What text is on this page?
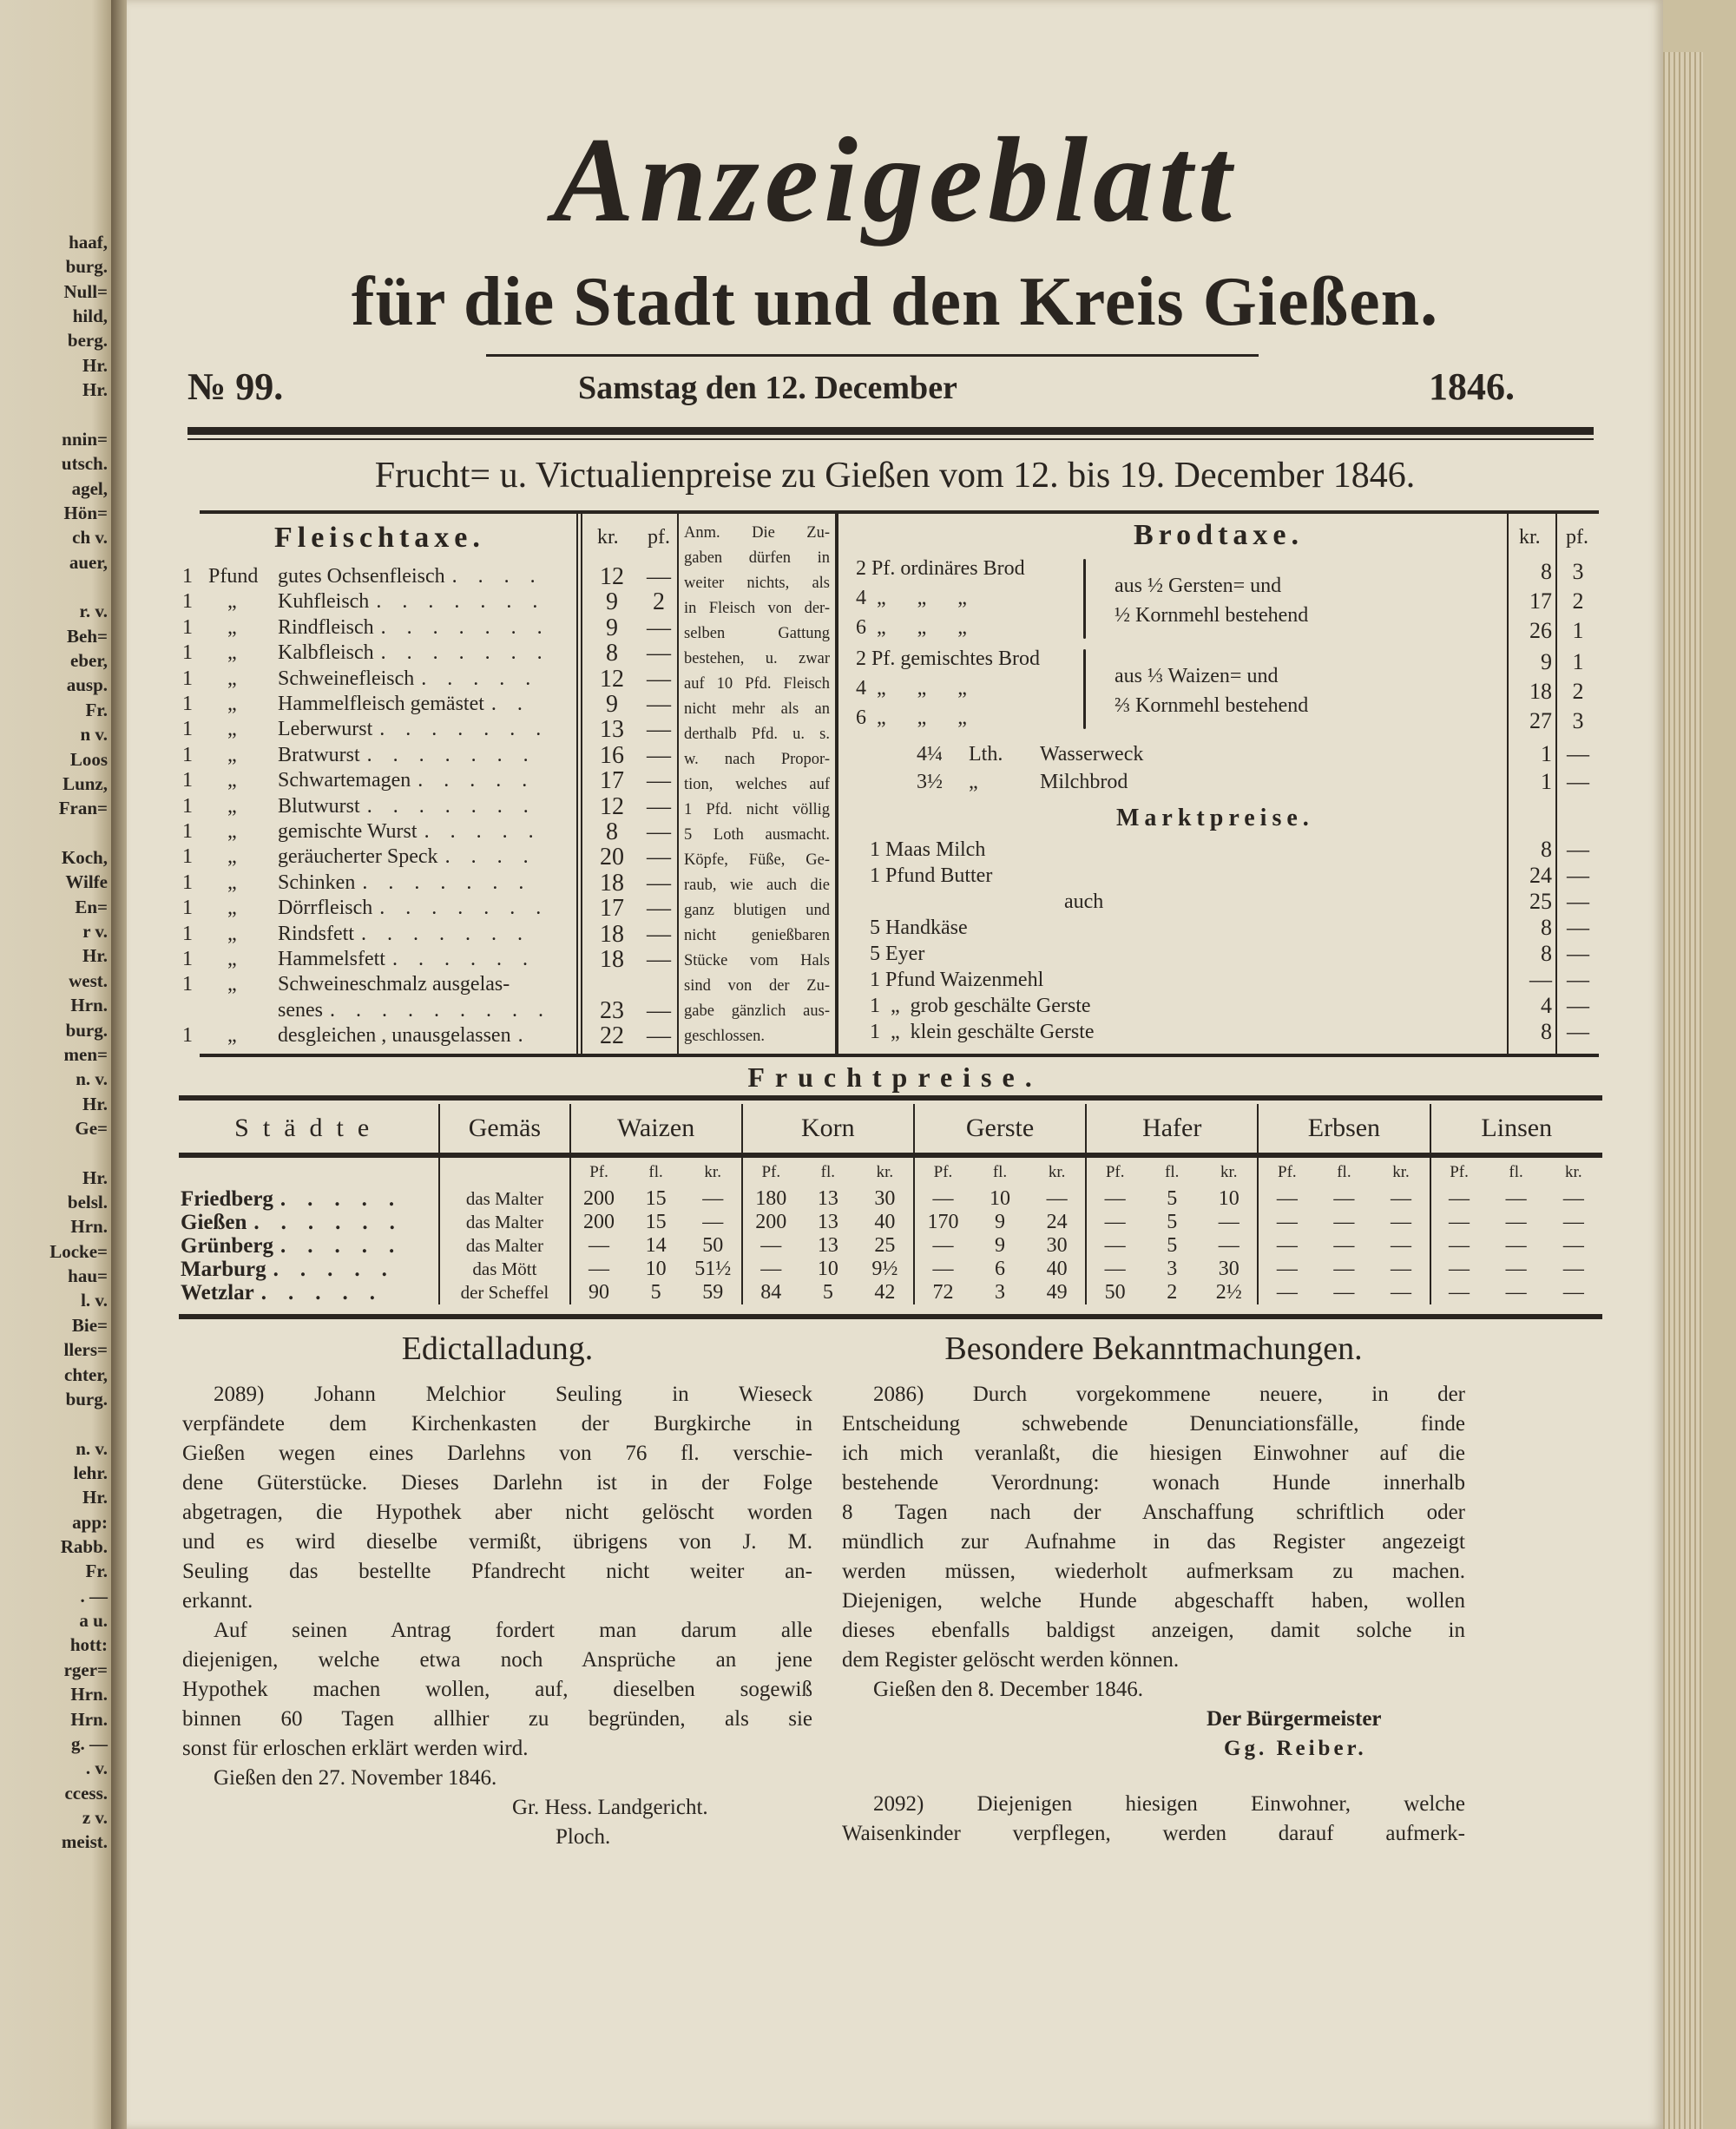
haaf,
burg.
Null=
hild,
berg.
Hr.
Hr.
nnin=
utsch.
agel,
Hön=
ch v.
auer,
r. v.
Beh=
eber,
ausp.
Fr.
n v.
Loos
Lunz,
Fran=
Koch,
Wilfe
En=
r v.
Hr.
west.
Hrn.
burg.
men=
n. v.
Hr.
Ge=
Hr.
belsl.
Hrn.
Locke=
hau=
l. v.
Bie=
llers=
chter,
burg.
n. v.
lehr.
Hr.
app:
Rabb.
Fr.
. —
a u.
hott:
rger=
Hrn.
Hrn.
g. —
. v.
ccess.
z v.
meist.
Anzeigeblatt
für die Stadt und den Kreis Gießen.
№ 99.	Samstag den 12. December	1846.
Frucht= u. Victualienpreise zu Gießen vom 12. bis 19. December 1846.
Fleischtaxe.	kr. pf.
1 Pfund gutes Ochsenfleisch . . . .	12 —
1	„	Kuhfleisch . . . . . . .	9	2
1	„	Rindfleisch . . . . . . .	9	—
1	„	Kalbfleisch . . . . . . .	8	—
1	„	Schweinefleisch . . . . .	12 —
1	„	Hammelfleisch gemästet . .	9	—
1	„	Leberwurst . . . . . . .	13 —
1	„	Bratwurst . . . . . . .	16 —
1	„	Schwartemagen . . . . .	17 —
1	„	Blutwurst . . . . . . .	12 —
1	„	gemischte Wurst . . . . .	8	—
1	„	geräucherter Speck . . . .	20 —
1	„	Schinken . . . . . . .	18 —
1	„	Dörrfleisch . . . . . . .	17 —
1	„	Rindsfett . . . . . . .	18 —
1	„	Hammelsfett . . . . . .	18 —
1	„	Schweineschmalz ausgelas-
senes . . . . . . . . .	23 —
1	„	desgleichen , unausgelassen .	22 —
Anm. Die Zu-
gaben dürfen in
weiter nichts, als
in Fleisch von der-
selben Gattung
bestehen, u. zwar
auf 10 Pfd. Fleisch
nicht mehr als an
derthalb Pfd. u. s.
w. nach Propor-
tion, welches auf
1 Pfd. nicht völlig
5 Loth ausmacht.
Köpfe, Füße, Ge-
raub, wie auch die
ganz blutigen und
nicht genießbaren
Stücke vom Hals
sind von der Zu-
gabe gänzlich aus-
geschlossen.
Brodtaxe.	kr. pf.
2 Pf. ordinäres Brod
4  „      „      „
6  „      „      „
aus ½ Gersten= und
½ Kornmehl bestehend
8 3
17 2
26 1
2 Pf. gemischtes Brod
4  „      „      „
6  „      „      „
aus ⅓ Waizen= und
⅔ Kornmehl bestehend
9 1
18 2
27 3
4¼	Lth.	Wasserweck	1 —
3½	„	Milchbrod	1 —
Marktpreise.
1 Maas Milch	8 —
1 Pfund Butter	24 —
auch	25 —
5 Handkäse	8 —
5 Eyer	8 —
1 Pfund Waizenmehl	— —
1  „  grob geschälte Gerste	4 —
1  „  klein geschälte Gerste	8 —
Fruchtpreise.
Städte	Gemäs	Waizen			Korn			Gerste			Hafer			Erbsen			Linsen		
		Pf.	fl.	kr.	Pf.	fl.	kr.	Pf.	fl.	kr.	Pf.	fl.	kr.	Pf.	fl.	kr.	Pf.	fl.	kr.

Friedberg . . . . .	das Malter	200	15	—	180	13	30	—	10	—	—	5	10	—	—	—	—	—	—

Gießen . . . . . .	das Malter	200	15	—	200	13	40	170	9	24	—	5	—	—	—	—	—	—	—

Grünberg . . . . .	das Malter	—	14	50	—	13	25	—	9	30	—	5	—	—	—	—	—	—	—

Marburg . . . . .	das Mött	—	10	51½	—	10	9½	—	6	40	—	3	30	—	—	—	—	—	—

Wetzlar . . . . .	der Scheffel	90	5	59	84	5	42	72	3	49	50	2	2½	—	—	—	—	—	—
Edictalladung.
2089) Johann Melchior Seuling in Wieseck
verpfändete dem Kirchenkasten der Burgkirche in
Gießen wegen eines Darlehns von 76 fl. verschie-
dene Güterstücke. Dieses Darlehn ist in der Folge
abgetragen, die Hypothek aber nicht gelöscht worden
und es wird dieselbe vermißt, übrigens von J. M.
Seuling das bestellte Pfandrecht nicht weiter an-
erkannt.
Auf seinen Antrag fordert man darum alle
diejenigen, welche etwa noch Ansprüche an jene
Hypothek machen wollen, auf, dieselben sogewiß
binnen 60 Tagen allhier zu begründen, als sie
sonst für erloschen erklärt werden wird.
Gießen den 27. November 1846.
Gr. Hess. Landgericht.
Ploch.
Besondere Bekanntmachungen.
2086) Durch vorgekommene neuere, in der
Entscheidung schwebende Denunciationsfälle, finde
ich mich veranlaßt, die hiesigen Einwohner auf die
bestehende Verordnung: wonach Hunde innerhalb
8 Tagen nach der Anschaffung schriftlich oder
mündlich zur Aufnahme in das Register angezeigt
werden müssen, wiederholt aufmerksam zu machen.
Diejenigen, welche Hunde abgeschafft haben, wollen
dieses ebenfalls baldigst anzeigen, damit solche in
dem Register gelöscht werden können.
Gießen den 8. December 1846.
Der Bürgermeister
Gg. Reiber.
2092) Diejenigen hiesigen Einwohner, welche
Waisenkinder verpflegen, werden darauf aufmerk-
